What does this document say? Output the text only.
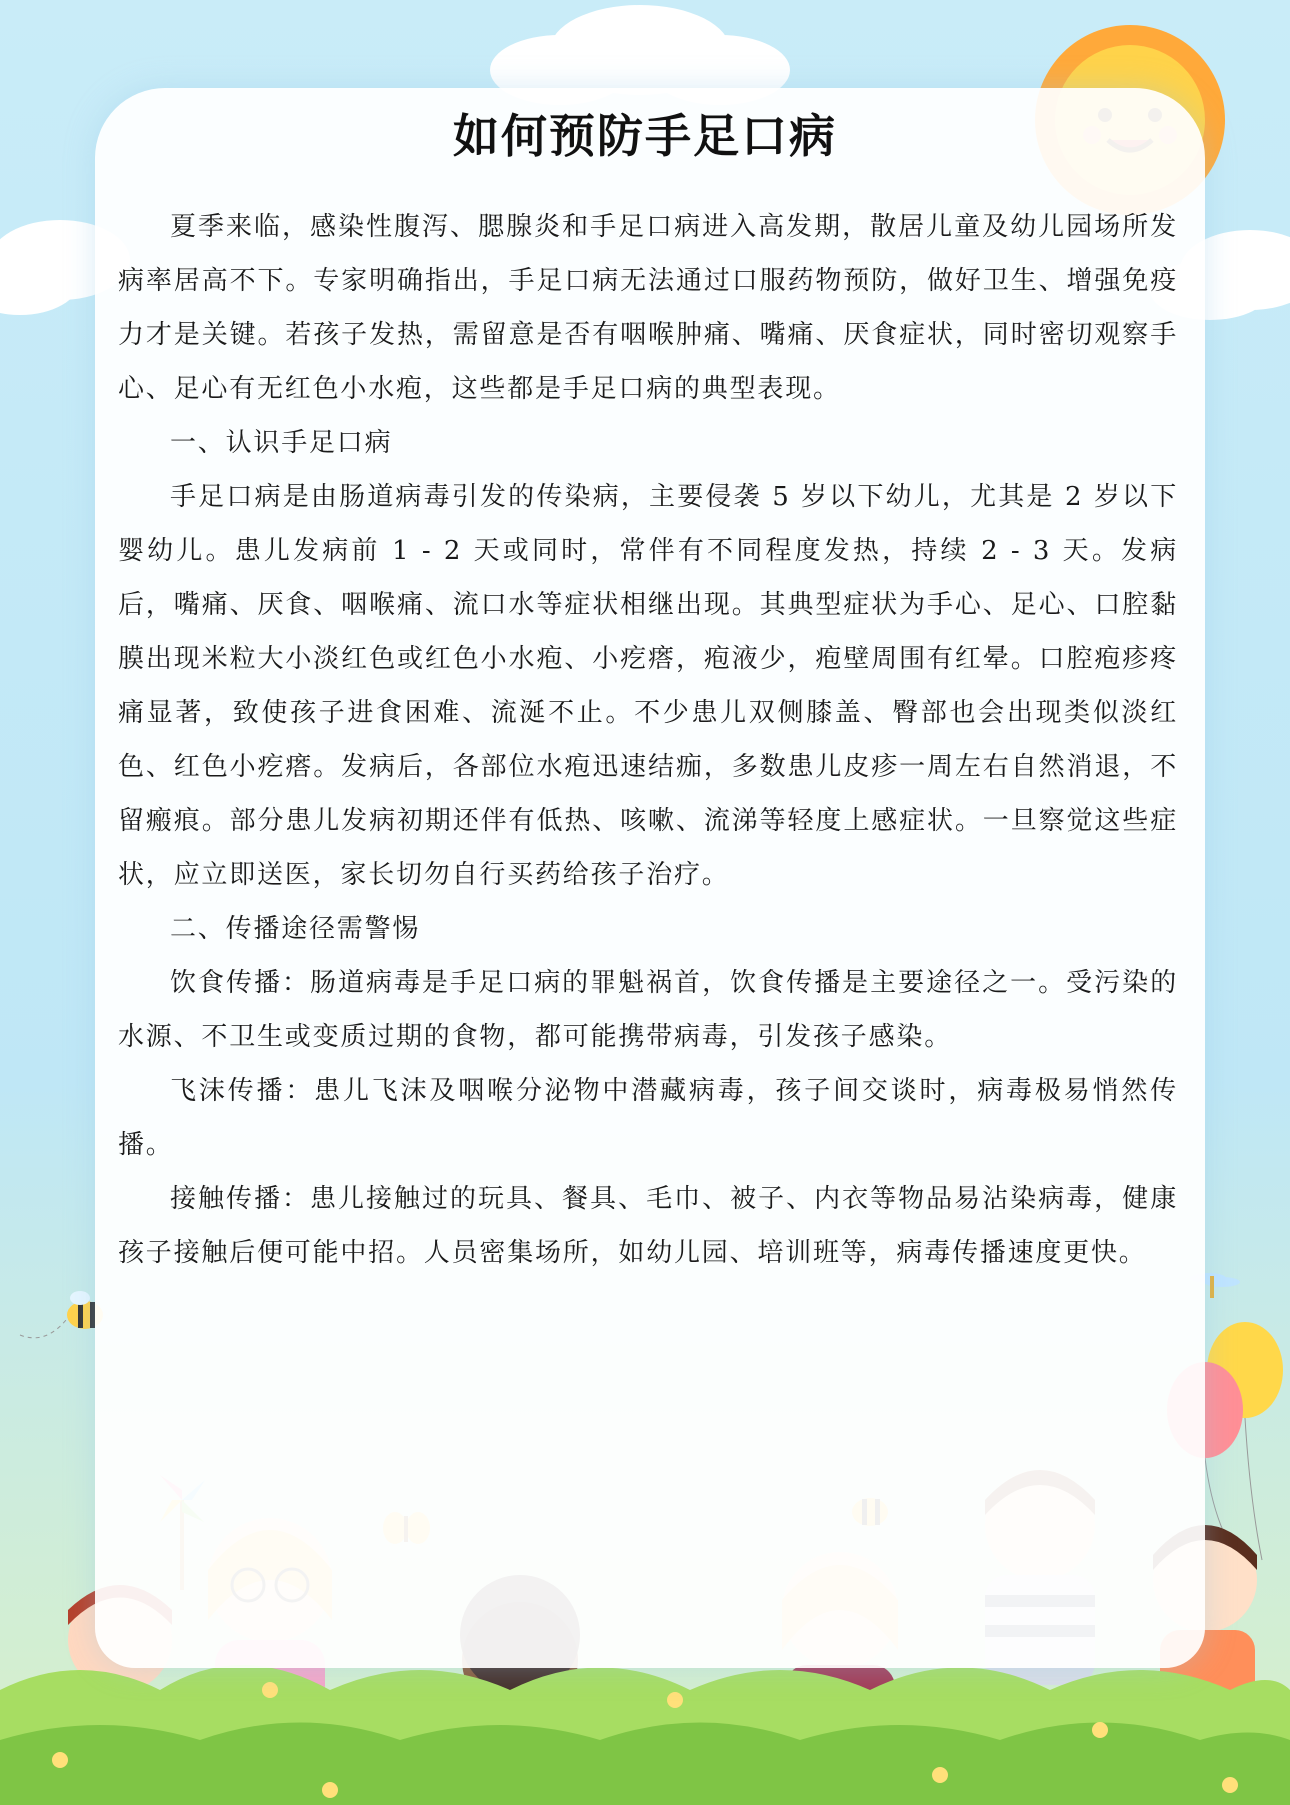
如何预防手足口病

夏季来临，感染性腹泻、腮腺炎和手足口病进入高发期，散居儿童及幼儿园场所发病率居高不下。专家明确指出，手足口病无法通过口服药物预防，做好卫生、增强免疫力才是关键。若孩子发热，需留意是否有咽喉肿痛、嘴痛、厌食症状，同时密切观察手心、足心有无红色小水疱，这些都是手足口病的典型表现。

一、认识手足口病

手足口病是由肠道病毒引发的传染病，主要侵袭 5 岁以下幼儿，尤其是 2 岁以下婴幼儿。患儿发病前 1 - 2 天或同时，常伴有不同程度发热，持续 2 - 3 天。发病后，嘴痛、厌食、咽喉痛、流口水等症状相继出现。其典型症状为手心、足心、口腔黏膜出现米粒大小淡红色或红色小水疱、小疙瘩，疱液少，疱壁周围有红晕。口腔疱疹疼痛显著，致使孩子进食困难、流涎不止。不少患儿双侧膝盖、臀部也会出现类似淡红色、红色小疙瘩。发病后，各部位水疱迅速结痂，多数患儿皮疹一周左右自然消退，不留瘢痕。部分患儿发病初期还伴有低热、咳嗽、流涕等轻度上感症状。一旦察觉这些症状，应立即送医，家长切勿自行买药给孩子治疗。

二、传播途径需警惕

饮食传播：肠道病毒是手足口病的罪魁祸首，饮食传播是主要途径之一。受污染的水源、不卫生或变质过期的食物，都可能携带病毒，引发孩子感染。

飞沫传播：患儿飞沫及咽喉分泌物中潜藏病毒，孩子间交谈时，病毒极易悄然传播。

接触传播：患儿接触过的玩具、餐具、毛巾、被子、内衣等物品易沾染病毒，健康孩子接触后便可能中招。人员密集场所，如幼儿园、培训班等，病毒传播速度更快。
